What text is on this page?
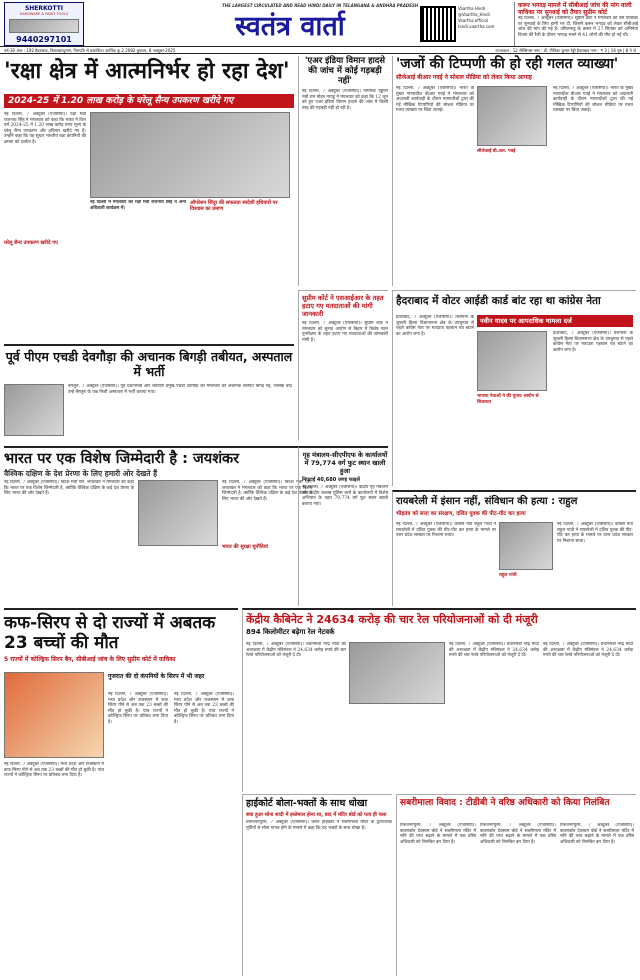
THE LARGEST CIRCULATED AND READ HINDI DAILY IN TELANGANA & ANDHRA PRADESH
SHERKOTTI
HARDWARE & PAINT TOOLS
9440297101	स्वतंत्र वार्ता
Vaartha Hindi
@Vaartha_Hindi
Vaartha official
hindi.vaartha.com
वर्ष-30 अंक : 192 हैदराबाद, विशाखापट्टणम, तिरुपति से प्रकाशित। कार्तिक कृ.2 2082 बुधवार, 8 अक्टूबर-2025	उज्जवाल : 12 सेल्सियस नगर : डी. गीतिका कुमार रेड्डी हैदराबाद नगर : ₹ 3 | 16 पृष्ठ | 8 पे जे
करूर भगदड़ मामले में सीबीआई जांच की मांग वाली याचिका पर सुनवाई को तैयार सुप्रीम कोर्ट
नई दिल्ली, 7 अक्टूबर (एजेंसियां)। सुप्रीम कोर्ट ने मंगलवार को उस याचिका पर सुनवाई के लिए हामी भर दी, जिसमें करूर भगदड़ को लेकर सीबीआई जांच की मांग की गई है। तमिलनाडु के करूर में 27 सितंबर को अभिनेता विजय की रैली के दौरान भगदड़ मचने से 41 लोगों की मौत हो गई थी।
'रक्षा क्षेत्र में आत्मनिर्भर हो रहा देश'
2024-25 में 1.20 लाख करोड़ के घरेलू सैन्य उपकरण खरीदे गए
नई दिल्ली, 7 अक्टूबर (एजेंसियां)। रक्षा मंत्री राजनाथ सिंह ने मंगलवार को कहा कि भारत ने वित्त वर्ष 2024-25 में 1.20 लाख करोड़ रुपए मूल्य के घरेलू सैन्य उपकरण और हथियार खरीदे गए हैं। उन्होंने कहा कि यह सुधार भारतीय रक्षा कंपनियों की क्षमता को दर्शाता है।
नई दिल्ली में मंगलवार को रक्षा मंत्री राजनाथ सिंह व अन्य अधिकारी कार्यक्रम में।
ऑपरेशन सिंदूर की सफलता स्वदेशी हथियारों पर विश्वास का प्रमाण
घरेलू सैन्य उपकरण खरीदे गए
'एअर इंडिया विमान हादसे की जांच में कोई गड़बड़ी नहीं'
नई दिल्ली, 7 अक्टूबर (एजेंसियां)। नागरिक उड्डयन मंत्री राम मोहन नायडू ने मंगलवार को कहा कि 12 जून को हुए एअर इंडिया विमान हादसे की जांच में किसी तरह की गड़बड़ी नहीं हो रही है।
'जजों की टिप्पणी की हो रही गलत व्याख्या'
सीजेआई बीआर गवई ने सोशल मीडिया को लेकर किया आगाह
नई दिल्ली, 7 अक्टूबर (एजेंसियां)। भारत के मुख्य न्यायाधीश बीआर गवई ने मंगलवार को अदालती कार्यवाही के दौरान न्यायाधीशों द्वारा की गई मौखिक टिप्पणियों की सोशल मीडिया पर गलत व्याख्या पर चिंता जताई।
सीजेआई बी.आर. गवई
नई दिल्ली, 7 अक्टूबर (एजेंसियां)। भारत के मुख्य न्यायाधीश बीआर गवई ने मंगलवार को अदालती कार्यवाही के दौरान न्यायाधीशों द्वारा की गई मौखिक टिप्पणियों की सोशल मीडिया पर गलत व्याख्या पर चिंता जताई।
पूर्व पीएम एचडी देवगौड़ा की अचानक बिगड़ी तबीयत, अस्पताल में भर्ती
बेंगलुरु, 7 अक्टूबर (एजेंसियां)। पूर्व प्रधानमंत्री और जेडीएस प्रमुख एचडी देवगौड़ा की मंगलवार को अचानक तबीयत बिगड़ गई, जिसके बाद उन्हें बेंगलुरु के एक निजी अस्पताल में भर्ती कराया गया।
सुप्रीम कोर्ट ने एसआईआर के तहत हटाए गए मतदाताओं की मांगी जानकारी
नई दिल्ली, 7 अक्टूबर (एजेंसियां)। सुप्रीम कोर्ट ने मंगलवार को चुनाव आयोग से बिहार में विशेष गहन पुनरीक्षण के तहत हटाए गए मतदाताओं की जानकारी मांगी है।
हैदराबाद में वोटर आईडी कार्ड बांट रहा था कांग्रेस नेता
हैदराबाद, 7 अक्टूबर (एजेंसियां)। तेलंगाना के जुबली हिल्स विधानसभा क्षेत्र के उपचुनाव से पहले कांग्रेस नेता पर मतदाता पहचान पत्र बांटने का आरोप लगा है।
नवीन यादव पर आपराधिक मामला दर्ज
भाजपा नेताओं ने की चुनाव आयोग से शिकायत
हैदराबाद, 7 अक्टूबर (एजेंसियां)। तेलंगाना के जुबली हिल्स विधानसभा क्षेत्र के उपचुनाव से पहले कांग्रेस नेता पर मतदाता पहचान पत्र बांटने का आरोप लगा है।
भारत पर एक विशेष जिम्मेदारी है : जयशंकर
वैश्विक दक्षिण के देश प्रेरणा के लिए हमारी ओर देखते हैं
नई दिल्ली, 7 अक्टूबर (एजेंसियां)। विदेश मंत्री एस. जयशंकर ने मंगलवार को कहा कि भारत पर एक विशेष जिम्मेदारी है, क्योंकि वैश्विक दक्षिण के कई देश प्रेरणा के लिए भारत की ओर देखते हैं।
भारत की सुरक्षा चुनौतियां
नई दिल्ली, 7 अक्टूबर (एजेंसियां)। विदेश मंत्री एस. जयशंकर ने मंगलवार को कहा कि भारत पर एक विशेष जिम्मेदारी है, क्योंकि वैश्विक दक्षिण के कई देश प्रेरणा के लिए भारत की ओर देखते हैं।
गृह मंत्रालय-सीएपीएफ के कार्यालयों में 79,774 वर्ग फुट स्थान खाली हुआ
निपटाई 40,680 जगह फाइलें
नई दिल्ली, 7 अक्टूबर (एजेंसियां)। केंद्रीय गृह मंत्रालय और केंद्रीय सशस्त्र पुलिस बलों के कार्यालयों में विशेष अभियान के तहत 79,774 वर्ग फुट स्थान खाली कराया गया।	रायबरेली में इंसान नहीं, संविधान की हत्या : राहुल
भीड़तंत्र को सत्ता का संरक्षण, दलित युवक की पीट-पीट कर हत्या
नई दिल्ली, 7 अक्टूबर (एजेंसियां)। कांग्रेस नेता राहुल गांधी ने रायबरेली में दलित युवक की पीट-पीट कर हत्या के मामले पर उत्तर प्रदेश सरकार पर निशाना साधा।
राहुल गांधी
नई दिल्ली, 7 अक्टूबर (एजेंसियां)। कांग्रेस नेता राहुल गांधी ने रायबरेली में दलित युवक की पीट-पीट कर हत्या के मामले पर उत्तर प्रदेश सरकार पर निशाना साधा।
कफ-सिरप से दो राज्यों में अबतक 23 बच्चों की मौत
5 राज्यों में कोल्ड्रिफ सिरप बैन, सीबीआई जांच के लिए सुप्रीम कोर्ट में याचिका
गुजरात की दो कंपनियों के सिरप में भी जहर
नई दिल्ली, 7 अक्टूबर (एजेंसियां)। मध्य प्रदेश और राजस्थान में कफ सिरप पीने से अब तक 23 बच्चों की मौत हो चुकी है। पांच राज्यों ने कोल्ड्रिफ सिरप पर प्रतिबंध लगा दिया है।
नई दिल्ली, 7 अक्टूबर (एजेंसियां)। मध्य प्रदेश और राजस्थान में कफ सिरप पीने से अब तक 23 बच्चों की मौत हो चुकी है। पांच राज्यों ने कोल्ड्रिफ सिरप पर प्रतिबंध लगा दिया है।
नई दिल्ली, 7 अक्टूबर (एजेंसियां)। मध्य प्रदेश और राजस्थान में कफ सिरप पीने से अब तक 23 बच्चों की मौत हो चुकी है। पांच राज्यों ने कोल्ड्रिफ सिरप पर प्रतिबंध लगा दिया है।
केंद्रीय कैबिनेट ने 24634 करोड़ की चार रेल परियोजनाओं को दी मंजूरी
894 किलोमीटर बढ़ेगा रेल नेटवर्क
नई दिल्ली, 7 अक्टूबर (एजेंसियां)। प्रधानमंत्री नरेंद्र मोदी की अध्यक्षता में केंद्रीय मंत्रिमंडल ने 24,634 करोड़ रुपये की चार रेलवे परियोजनाओं को मंजूरी दे दी।
नई दिल्ली, 7 अक्टूबर (एजेंसियां)। प्रधानमंत्री नरेंद्र मोदी की अध्यक्षता में केंद्रीय मंत्रिमंडल ने 24,634 करोड़ रुपये की चार रेलवे परियोजनाओं को मंजूरी दे दी।
नई दिल्ली, 7 अक्टूबर (एजेंसियां)। प्रधानमंत्री नरेंद्र मोदी की अध्यक्षता में केंद्रीय मंत्रिमंडल ने 24,634 करोड़ रुपये की चार रेलवे परियोजनाओं को मंजूरी दे दी।
हाईकोर्ट बोला-भक्तों के साथ धोखा
बचा हुआ सोना शादी में इस्तेमाल होना था, बाद में मंदिर बोर्ड को पता ही चला
तिरुवनंतपुरम, 7 अक्टूबर (एजेंसियां)। केरल हाईकोर्ट ने सबरीमाला मंदिर के द्वारपालक मूर्तियों से सोना गायब होने के मामले में कहा कि यह भक्तों के साथ धोखा है।
सबरीमाला विवाद : टीडीबी ने वरिष्ठ अधिकारी को किया निलंबित
तिरुवनंतपुरम, 7 अक्टूबर (एजेंसियां)। त्रावणकोर देवस्वम बोर्ड ने सबरीमाला मंदिर में सोने की परत चढ़ाने के मामले में एक वरिष्ठ अधिकारी को निलंबित कर दिया है।
तिरुवनंतपुरम, 7 अक्टूबर (एजेंसियां)। त्रावणकोर देवस्वम बोर्ड ने सबरीमाला मंदिर में सोने की परत चढ़ाने के मामले में एक वरिष्ठ अधिकारी को निलंबित कर दिया है।
तिरुवनंतपुरम, 7 अक्टूबर (एजेंसियां)। त्रावणकोर देवस्वम बोर्ड ने सबरीमाला मंदिर में सोने की परत चढ़ाने के मामले में एक वरिष्ठ अधिकारी को निलंबित कर दिया है।
